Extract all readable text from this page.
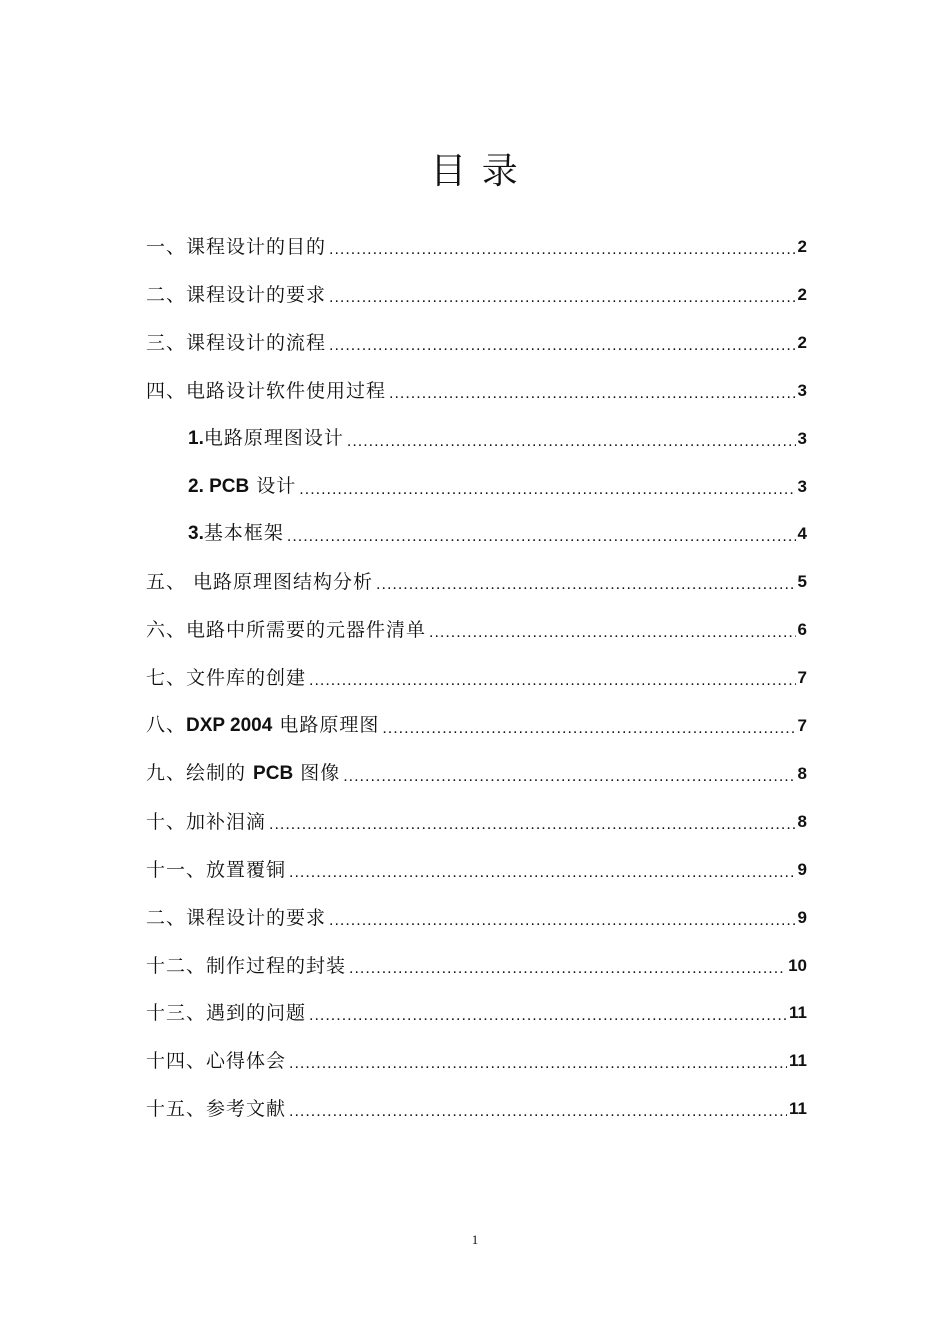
目 录
一、课程设计的目的 .....	2
二、课程设计的要求 .....	2
三、课程设计的流程 .....	2
四、电路设计软件使用过程 .....	3
1.电路原理图设计 .....	3
2. PCB 设计 .....	3
3.基本框架 .....	4
五、 电路原理图结构分析 .....	5
六、电路中所需要的元器件清单 .....	6
七、文件库的创建 .....	7
八、DXP 2004 电路原理图 .....	7
九、绘制的 PCB 图像 .....	8
十、加补泪滴 .....	8
十一、放置覆铜 .....	9
二、课程设计的要求 .....	9
十二、制作过程的封装 .....	10
十三、遇到的问题 .....	11
十四、心得体会 .....	11
十五、参考文献 .....	11
1
